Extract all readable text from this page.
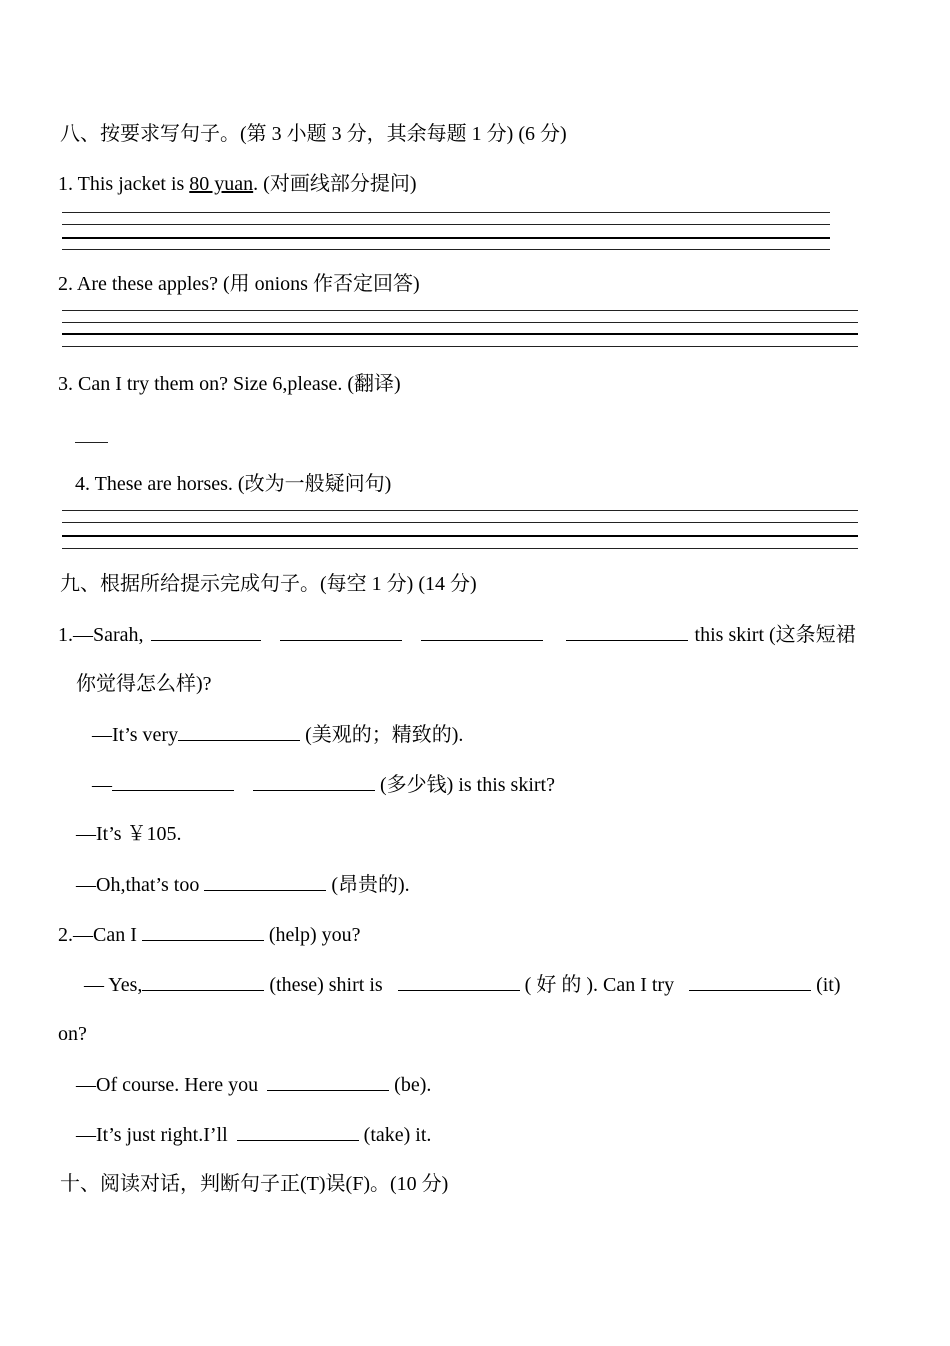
八、按要求写句子。(第 3 小题 3 分，其余每题 1 分) (6 分)
1. This jacket is 80 yuan. (对画线部分提问)
2. Are these apples? (用 onions 作否定回答)
3. Can I try them on? Size 6,please. (翻译)
4. These are horses. (改为一般疑问句)
九、根据所给提示完成句子。(每空 1 分) (14 分)
1.—Sarah,	this skirt (这条短裙
你觉得怎么样)?
—It’s very	(美观的；精致的).
—	(多少钱) is this skirt?
—It’s ￥105.
—Oh,that’s too	(昂贵的).
2.—Can I	(help) you?
— Yes,	(these) shirt is	( 好 的 ). Can I try	(it)
on?
—Of course. Here you	(be).
—It’s just right.I’ll	(take) it.
十、阅读对话，判断句子正(T)误(F)。(10 分)
